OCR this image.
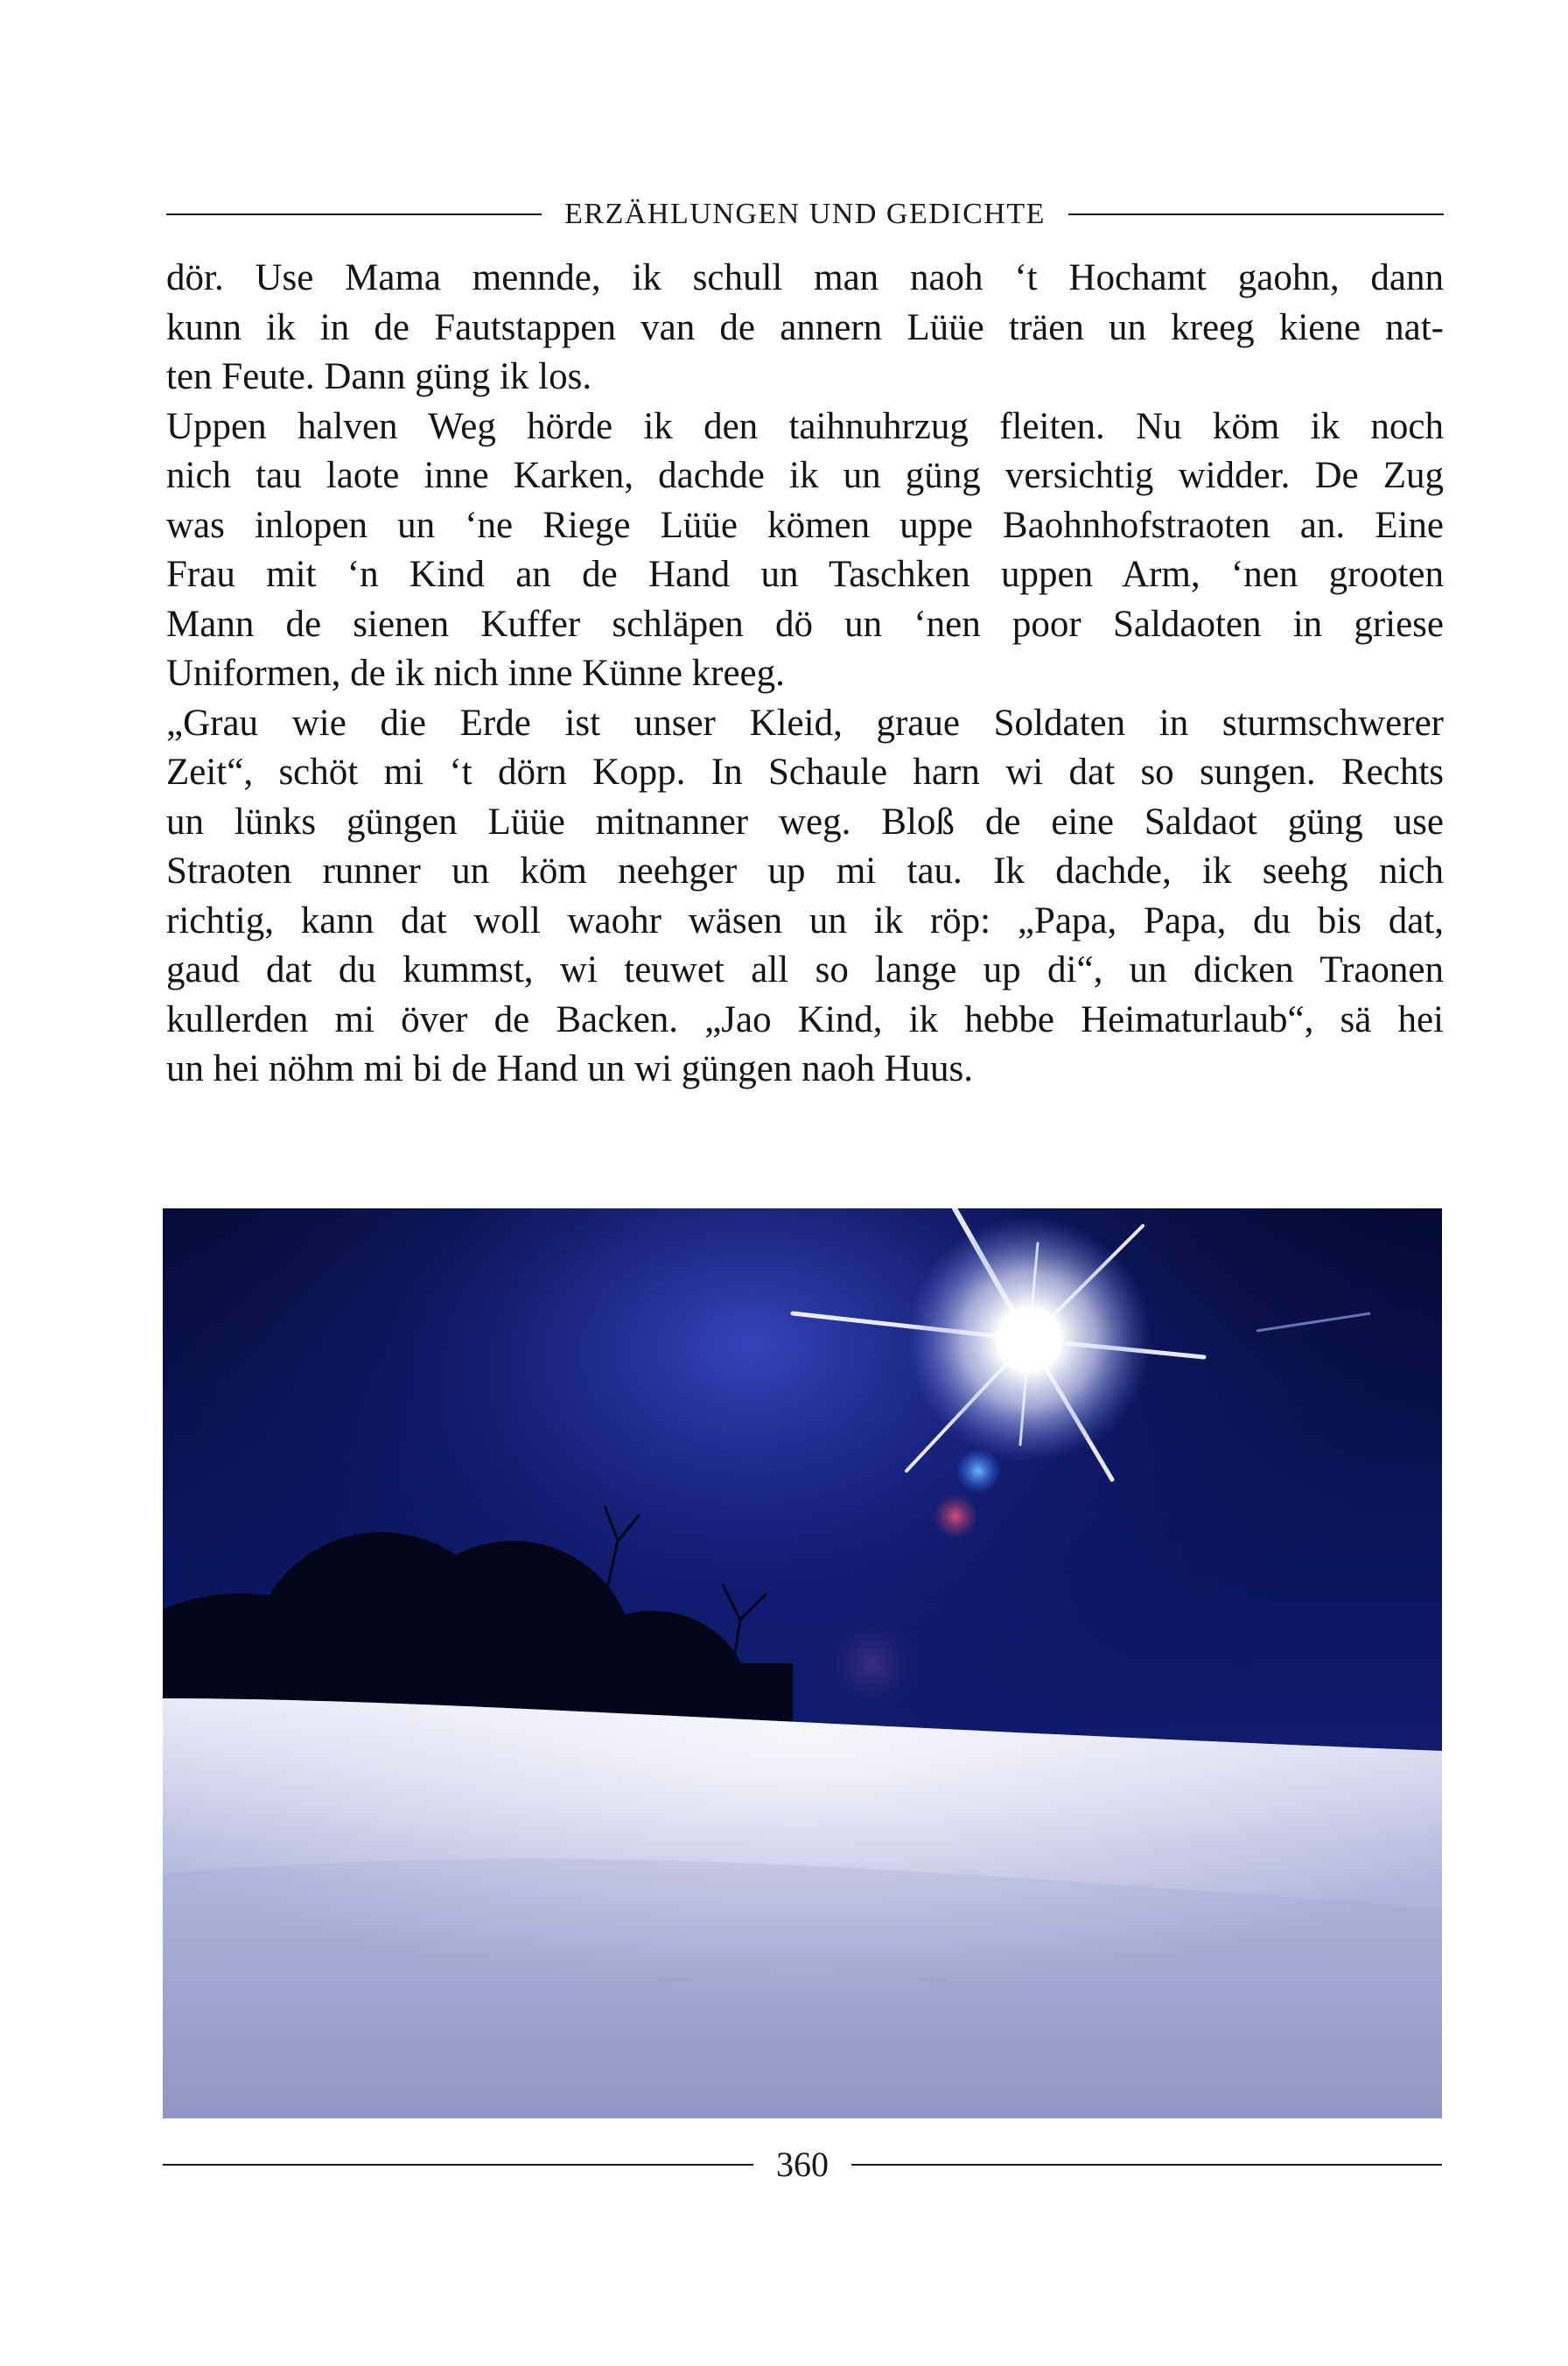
ERZÄHLUNGEN UND GEDICHTE

dör. Use Mama mennde, ik schull man naoh ‘t Hochamt gaohn, dann
kunn ik in de Fautstappen van de annern Lüüe träen un kreeg kiene nat-
ten Feute. Dann güng ik los.

Uppen halven Weg hörde ik den taihnuhrzug fleiten. Nu köm ik noch
nich tau laote inne Karken, dachde ik un güng versichtig widder. De Zug
was inlopen un ‘ne Riege Lüüe kömen uppe Baohnhofstraoten an. Eine
Frau mit ‘n Kind an de Hand un Taschken uppen Arm, ‘nen grooten
Mann de sienen Kuffer schläpen dö un ‘nen poor Saldaoten in griese
Uniformen, de ik nich inne Künne kreeg.

„Grau wie die Erde ist unser Kleid, graue Soldaten in sturmschwerer
Zeit“, schöt mi ‘t dörn Kopp. In Schaule harn wi dat so sungen. Rechts
un lünks güngen Lüüe mitnanner weg. Bloß de eine Saldaot güng use
Straoten runner un köm neehger up mi tau. Ik dachde, ik seehg nich
richtig, kann dat woll waohr wäsen un ik röp: „Papa, Papa, du bis dat,
gaud dat du kummst, wi teuwet all so lange up di“, un dicken Traonen
kullerden mi över de Backen. „Jao Kind, ik hebbe Heimaturlaub“, sä hei
un hei nöhm mi bi de Hand un wi güngen naoh Huus.

360
